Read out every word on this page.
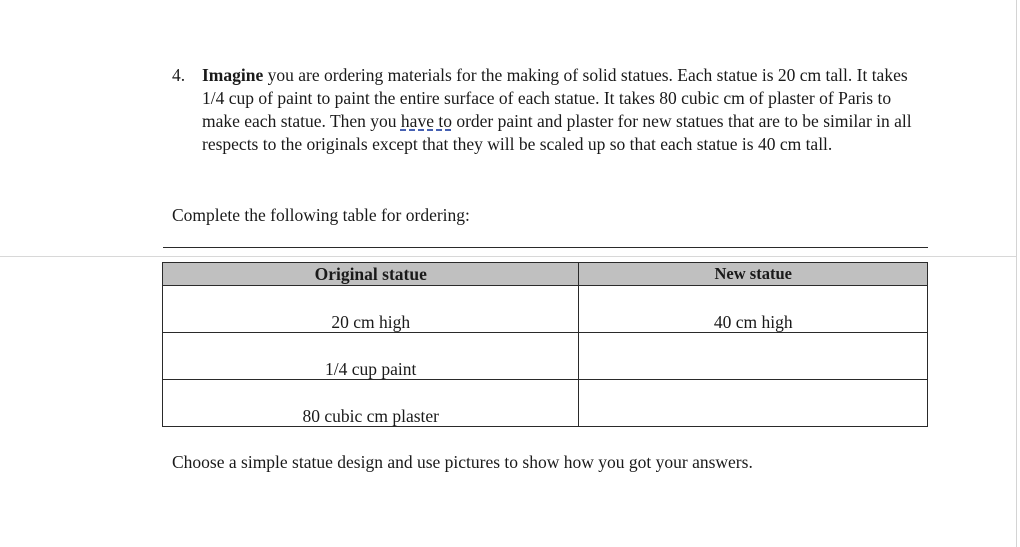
4. Imagine you are ordering materials for the making of solid statues. Each statue is 20 cm tall. It takes 1/4 cup of paint to paint the entire surface of each statue. It takes 80 cubic cm of plaster of Paris to make each statue. Then you have to order paint and plaster for new statues that are to be similar in all respects to the originals except that they will be scaled up so that each statue is 40 cm tall.
Complete the following table for ordering:
Original statue	New statue
20 cm high	40 cm high
1/4 cup paint	
80 cubic cm plaster	
Choose a simple statue design and use pictures to show how you got your answers.
